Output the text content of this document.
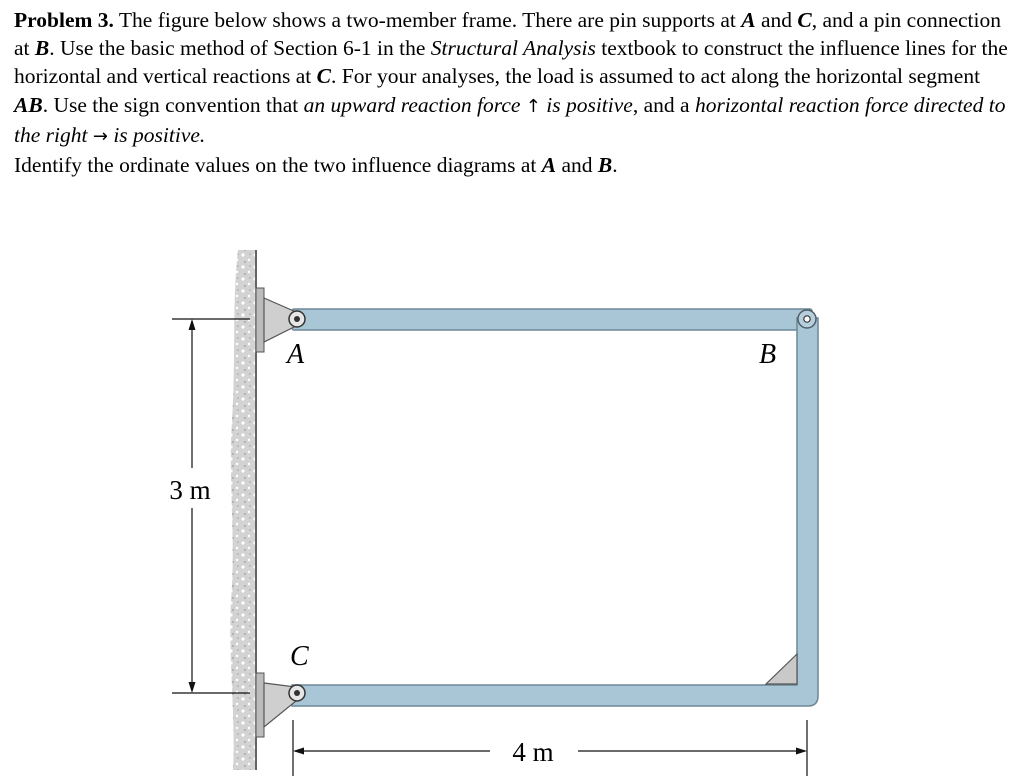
Problem 3. The figure below shows a two-member frame. There are pin supports at A and C, and a pin connection at B. Use the basic method of Section 6-1 in the Structural Analysis textbook to construct the influence lines for the horizontal and vertical reactions at C. For your analyses, the load is assumed to act along the horizontal segment AB. Use the sign convention that an upward reaction force ↑ is positive, and a horizontal reaction force directed to the right → is positive.
Identify the ordinate values on the two influence diagrams at A and B.

A	B
C
3 m
4 m
